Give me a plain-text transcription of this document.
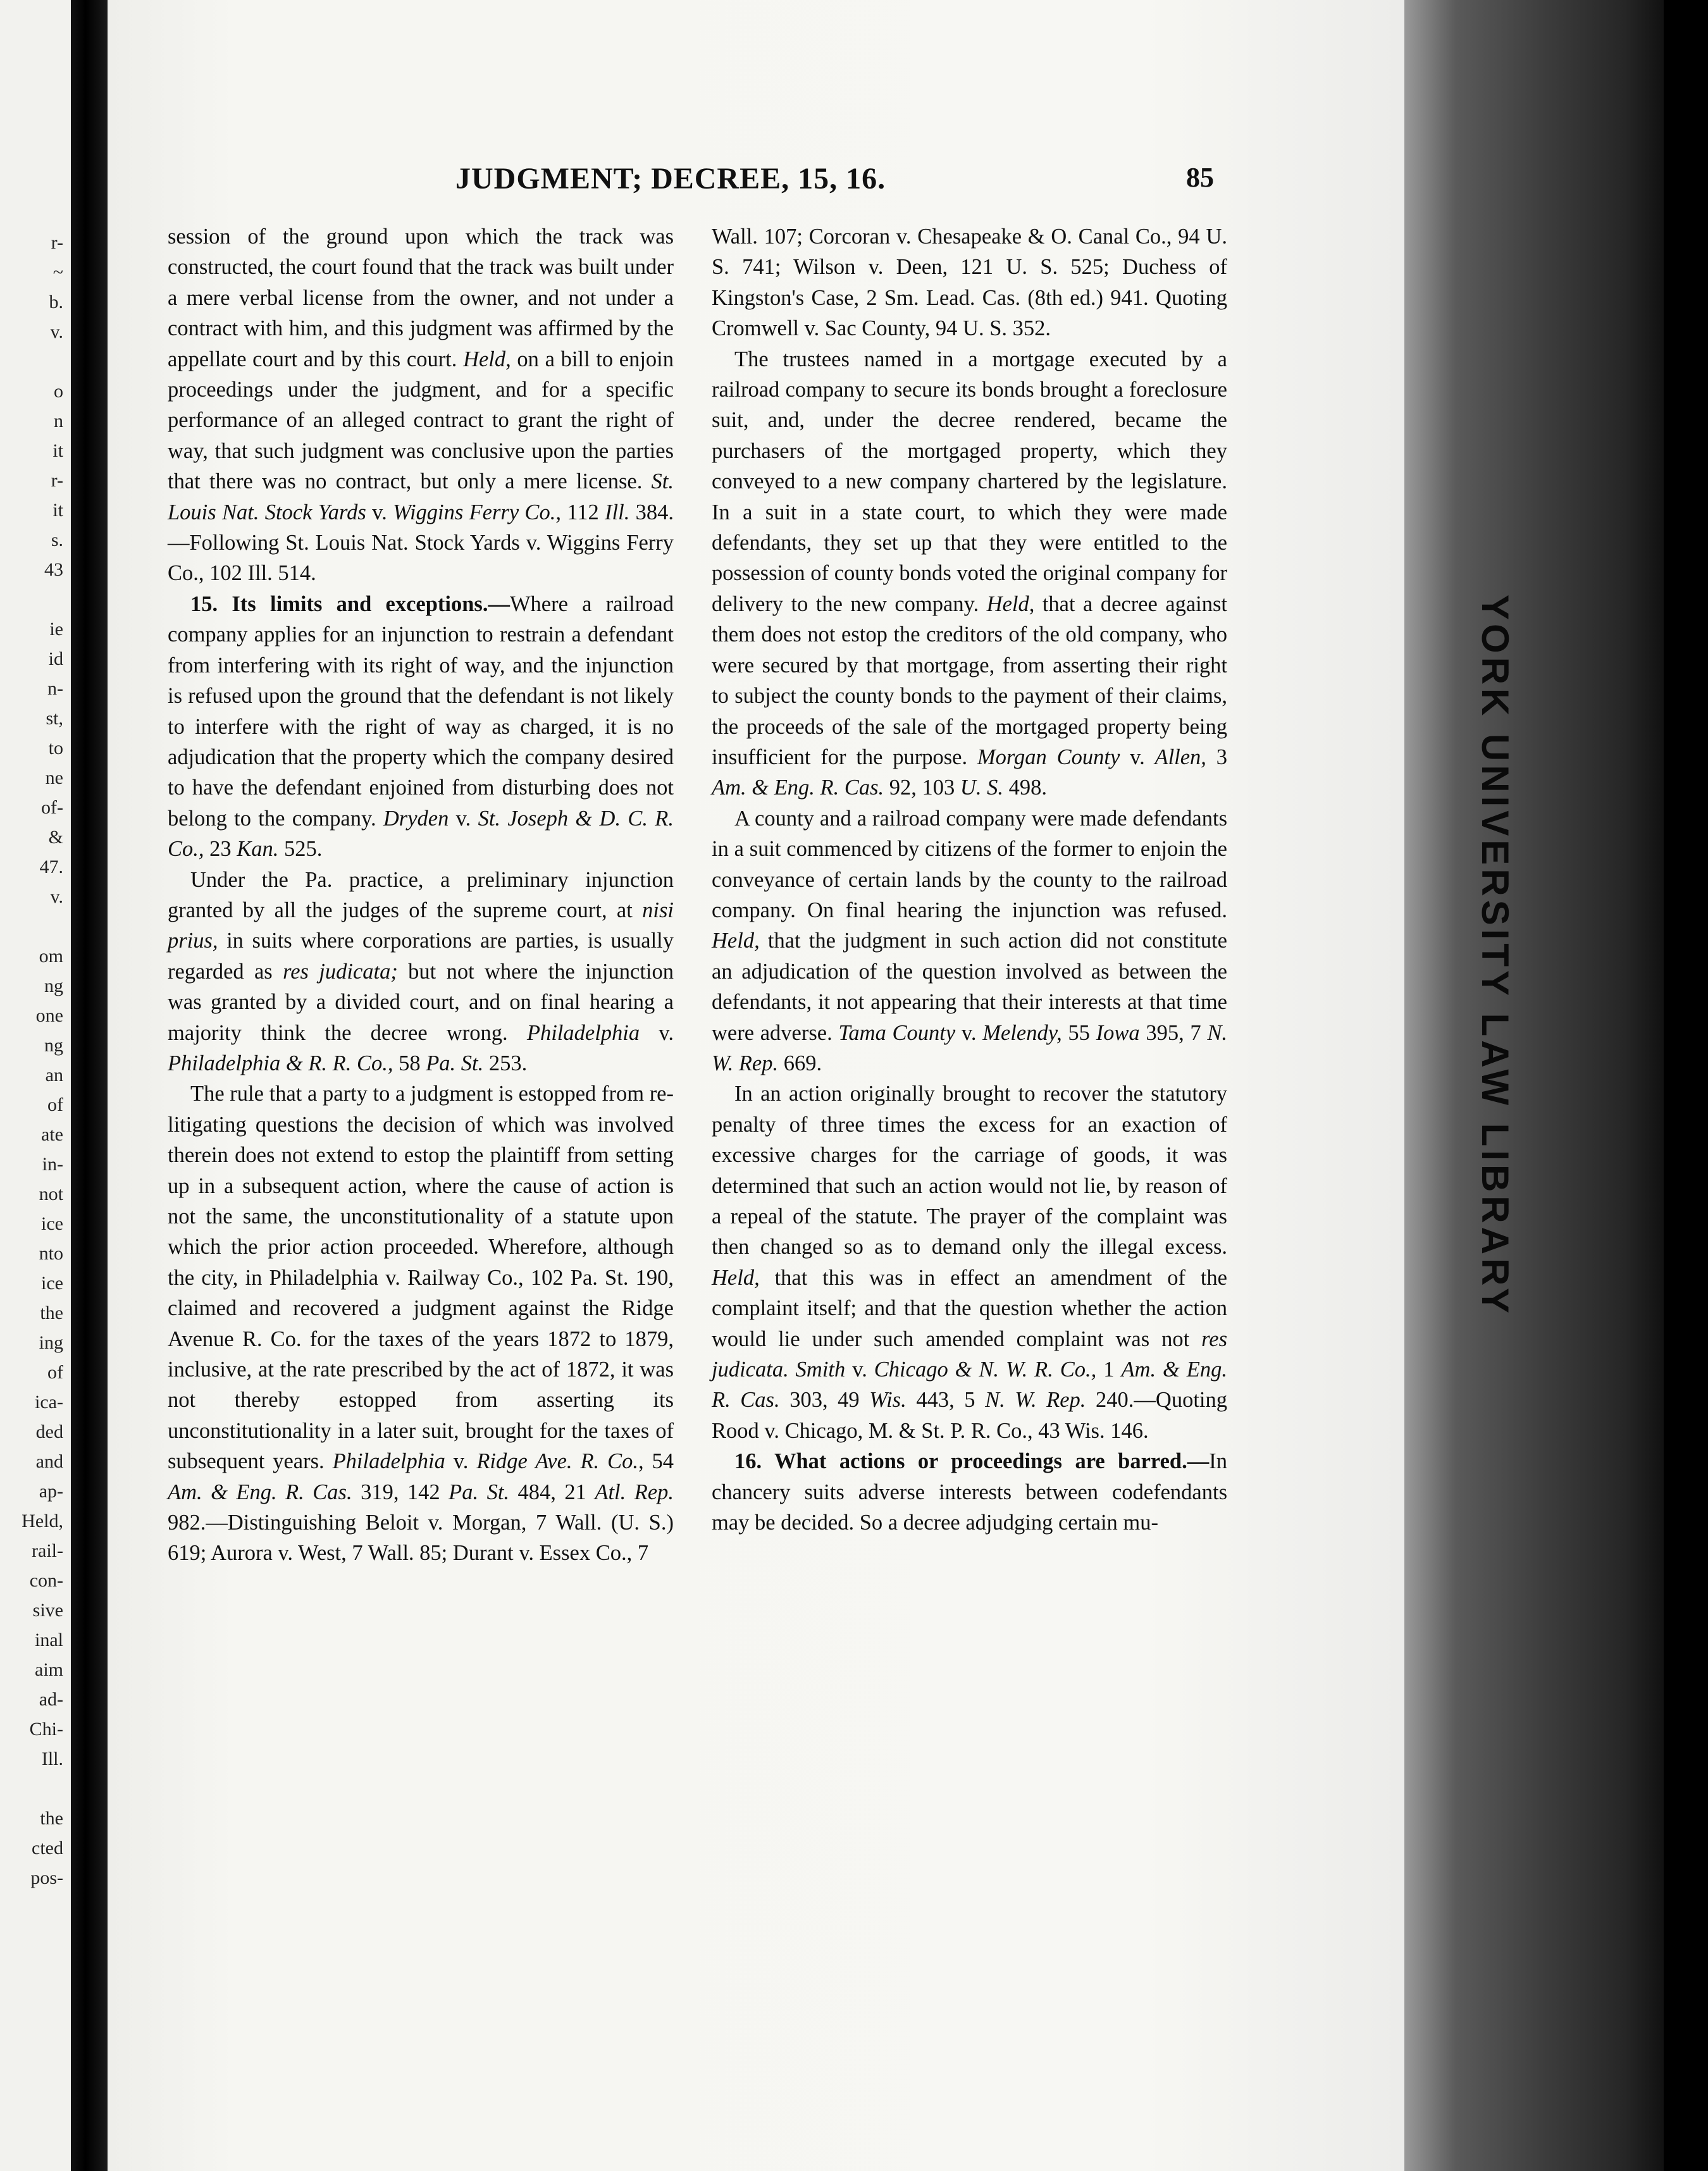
r-
~
b.
v.
o
n
it
r-
it
s.
43
ie
id
n-
st,
to
ne
of-
&
47.
v.
om
ng
one
ng
an
of
ate
in-
not
ice
nto
ice
the
ing
of
ica-
ded
and
ap-
Held,
rail-
con-
sive
inal
aim
ad-
Chi-
Ill.
the
cted
pos-
YORK UNIVERSITY LAW LIBRARY
JUDGMENT; DECREE, 15, 16.	85

session of the ground upon which the track was constructed, the court found that the track was built under a mere verbal license from the owner, and not under a contract with him, and this judgment was affirmed by the appellate court and by this court. Held, on a bill to enjoin proceedings under the judgment, and for a specific performance of an alleged contract to grant the right of way, that such judgment was conclusive upon the parties that there was no contract, but only a mere license. St. Louis Nat. Stock Yards v. Wiggins Ferry Co., 112 Ill. 384.—Following St. Louis Nat. Stock Yards v. Wiggins Ferry Co., 102 Ill. 514.

15. Its limits and exceptions.—Where a railroad company applies for an injunction to restrain a defendant from interfering with its right of way, and the injunction is refused upon the ground that the defendant is not likely to interfere with the right of way as charged, it is no adjudication that the property which the company desired to have the defendant enjoined from disturbing does not belong to the company. Dryden v. St. Joseph & D. C. R. Co., 23 Kan. 525.

Under the Pa. practice, a preliminary injunction granted by all the judges of the supreme court, at nisi prius, in suits where corporations are parties, is usually regarded as res judicata; but not where the injunction was granted by a divided court, and on final hearing a majority think the decree wrong. Philadelphia v. Philadelphia & R. R. Co., 58 Pa. St. 253.

The rule that a party to a judgment is estopped from re-litigating questions the decision of which was involved therein does not extend to estop the plaintiff from setting up in a subsequent action, where the cause of action is not the same, the unconstitutionality of a statute upon which the prior action proceeded. Wherefore, although the city, in Philadelphia v. Railway Co., 102 Pa. St. 190, claimed and recovered a judgment against the Ridge Avenue R. Co. for the taxes of the years 1872 to 1879, inclusive, at the rate prescribed by the act of 1872, it was not thereby estopped from asserting its unconstitutionality in a later suit, brought for the taxes of subsequent years. Philadelphia v. Ridge Ave. R. Co., 54 Am. & Eng. R. Cas. 319, 142 Pa. St. 484, 21 Atl. Rep. 982.—Distinguishing Beloit v. Morgan, 7 Wall. (U. S.) 619; Aurora v. West, 7 Wall. 85; Durant v. Essex Co., 7

Wall. 107; Corcoran v. Chesapeake & O. Canal Co., 94 U. S. 741; Wilson v. Deen, 121 U. S. 525; Duchess of Kingston's Case, 2 Sm. Lead. Cas. (8th ed.) 941. Quoting Cromwell v. Sac County, 94 U. S. 352.

The trustees named in a mortgage executed by a railroad company to secure its bonds brought a foreclosure suit, and, under the decree rendered, became the purchasers of the mortgaged property, which they conveyed to a new company chartered by the legislature. In a suit in a state court, to which they were made defendants, they set up that they were entitled to the possession of county bonds voted the original company for delivery to the new company. Held, that a decree against them does not estop the creditors of the old company, who were secured by that mortgage, from asserting their right to subject the county bonds to the payment of their claims, the proceeds of the sale of the mortgaged property being insufficient for the purpose. Morgan County v. Allen, 3 Am. & Eng. R. Cas. 92, 103 U. S. 498.

A county and a railroad company were made defendants in a suit commenced by citizens of the former to enjoin the conveyance of certain lands by the county to the railroad company. On final hearing the injunction was refused. Held, that the judgment in such action did not constitute an adjudication of the question involved as between the defendants, it not appearing that their interests at that time were adverse. Tama County v. Melendy, 55 Iowa 395, 7 N. W. Rep. 669.

In an action originally brought to recover the statutory penalty of three times the excess for an exaction of excessive charges for the carriage of goods, it was determined that such an action would not lie, by reason of a repeal of the statute. The prayer of the complaint was then changed so as to demand only the illegal excess. Held, that this was in effect an amendment of the complaint itself; and that the question whether the action would lie under such amended complaint was not res judicata. Smith v. Chicago & N. W. R. Co., 1 Am. & Eng. R. Cas. 303, 49 Wis. 443, 5 N. W. Rep. 240.—Quoting Rood v. Chicago, M. & St. P. R. Co., 43 Wis. 146.

16. What actions or proceedings are barred.—In chancery suits adverse interests between codefendants may be decided. So a decree adjudging certain mu-
